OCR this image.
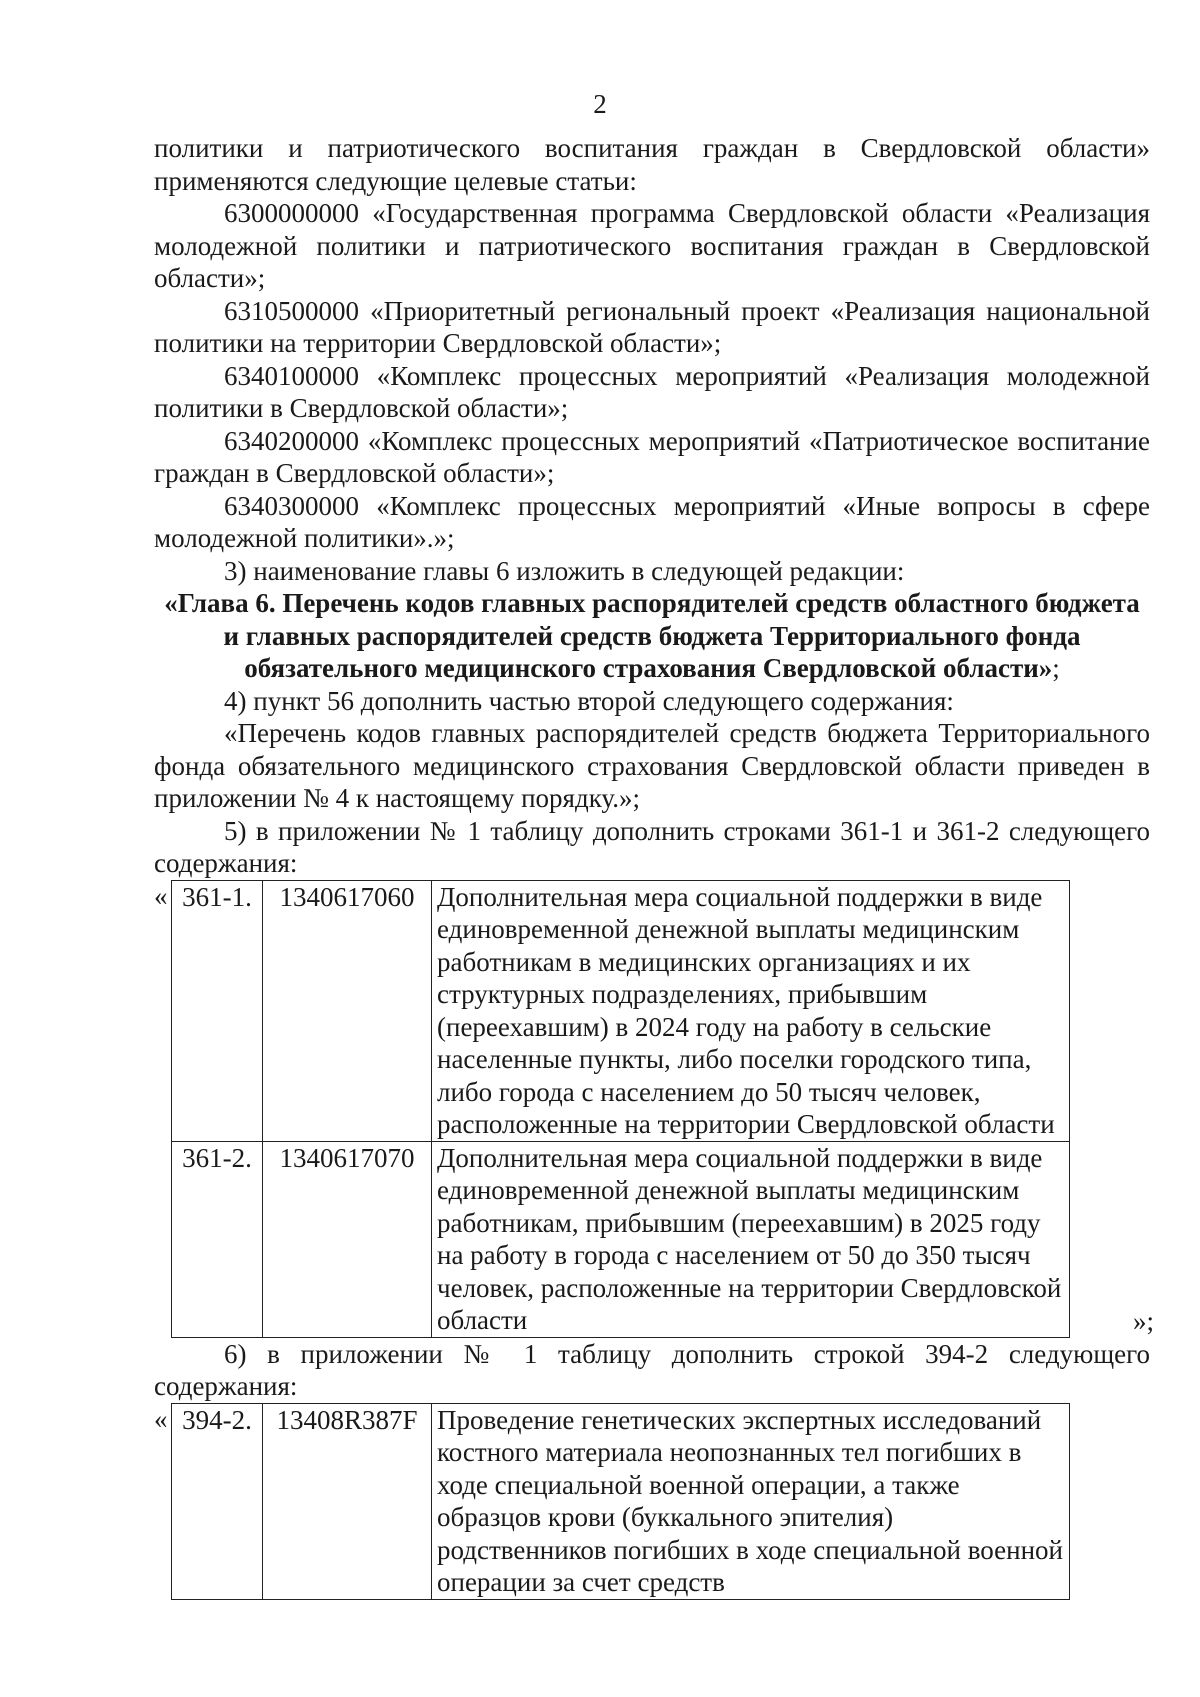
2

политики и патриотического воспитания граждан в Свердловской области» применяются следующие целевые статьи:

6300000000 «Государственная программа Свердловской области «Реализация молодежной политики и патриотического воспитания граждан в Свердловской области»;

6310500000 «Приоритетный региональный проект «Реализация национальной политики на территории Свердловской области»;

6340100000 «Комплекс процессных мероприятий «Реализация молодежной политики в Свердловской области»;

6340200000 «Комплекс процессных мероприятий «Патриотическое воспитание граждан в Свердловской области»;

6340300000 «Комплекс процессных мероприятий «Иные вопросы в сфере молодежной политики».»;

3) наименование главы 6 изложить в следующей редакции:

«Глава 6. Перечень кодов главных распорядителей средств областного бюджета и главных распорядителей средств бюджета Территориального фонда обязательного медицинского страхования Свердловской области»;

4) пункт 56 дополнить частью второй следующего содержания:

«Перечень кодов главных распорядителей средств бюджета Территориального фонда обязательного медицинского страхования Свердловской области приведен в приложении № 4 к настоящему порядку.»;

5) в приложении № 1 таблицу дополнить строками 361-1 и 361-2 следующего содержания:

« 361-1.	1340617060	Дополнительная мера социальной поддержки в виде единовременной денежной выплаты медицинским работникам в медицинских организациях и их структурных подразделениях, прибывшим (переехавшим) в 2024 году на работу в сельские населенные пункты, либо поселки городского типа, либо города с населением до 50 тысяч человек, расположенные на территории Свердловской области
361-2.	1340617070	Дополнительная мера социальной поддержки в виде единовременной денежной выплаты медицинским работникам, прибывшим (переехавшим) в 2025 году на работу в города с населением от 50 до 350 тысяч человек, расположенные на территории Свердловской области	»;

6) в приложении № 1 таблицу дополнить строкой 394-2 следующего содержания:

« 394-2.	13408R387F	Проведение генетических экспертных исследований костного материала неопознанных тел погибших в ходе специальной военной операции, а также образцов крови (буккального эпителия) родственников погибших в ходе специальной военной операции за счет средств
